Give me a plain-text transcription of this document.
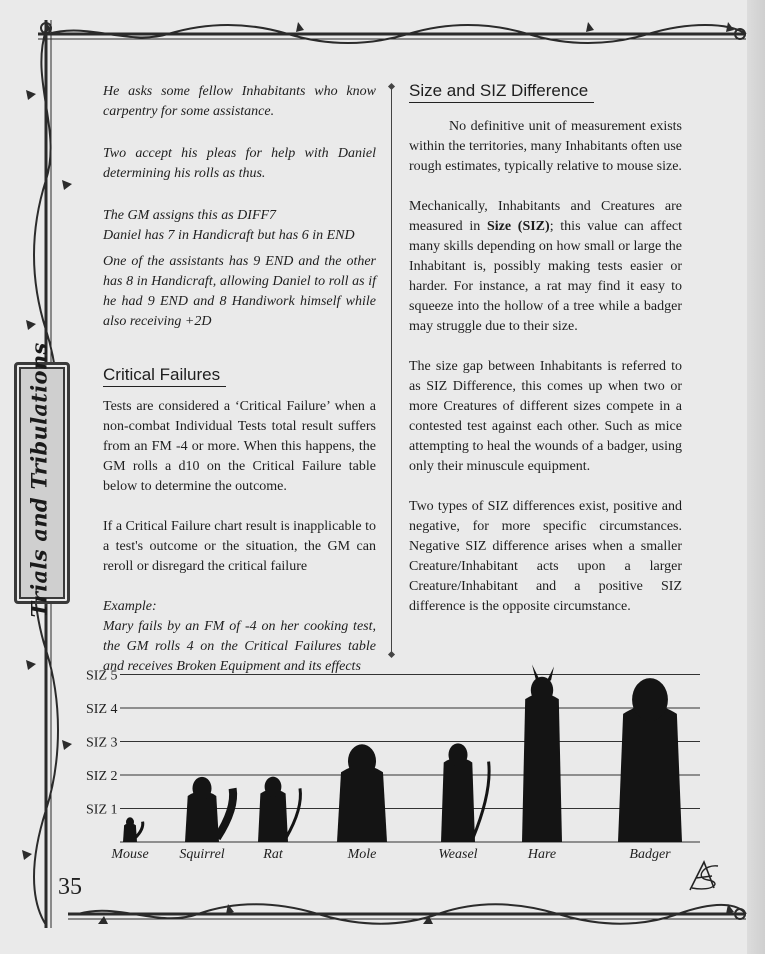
Trials and Tribulations

He asks some fellow Inhabitants who know carpentry for some assistance.

Two accept his pleas for help with Daniel determining his rolls as thus.

The GM assigns this as DIFF7

Daniel has 7 in Handicraft but has 6 in END

One of the assistants has 9 END and the other has 8 in Handicraft, allowing Daniel to roll as if he had 9 END and 8 Handiwork himself while also receiving +2D

Critical Failures

Tests are considered a ‘Critical Failure’ when a non-combat Individual Tests total result suffers from an FM -4 or more. When this happens, the GM rolls a d10 on the Critical Failure table below to determine the outcome.

If a Critical Failure chart result is inapplicable to a test's outcome or the situation, the GM can reroll or disregard the critical failure

Example:

Mary fails by an FM of -4 on her cooking test, the GM rolls 4 on the Critical Failures table and receives Broken Equipment and its effects

Size and SIZ Difference

No definitive unit of measurement exists within the territories, many Inhabitants often use rough estimates, typically relative to mouse size.

Mechanically, Inhabitants and Creatures are measured in Size (SIZ); this value can affect many skills depending on how small or large the Inhabitant is, possibly making tests easier or harder. For instance, a rat may find it easy to squeeze into the hollow of a tree while a badger may struggle due to their size.

The size gap between Inhabitants is referred to as SIZ Difference, this comes up when two or more Creatures of different sizes compete in a contested test against each other. Such as mice attempting to heal the wounds of a badger, using only their minuscule equipment.

Two types of SIZ differences exist, positive and negative, for more specific circumstances. Negative SIZ difference arises when a smaller Creature/Inhabitant acts upon a larger Creature/Inhabitant and a positive SIZ difference is the opposite circumstance.

SIZ 1
SIZ 2
SIZ 3
SIZ 4
SIZ 5
Mouse Squirrel	Rat	Mole	Weasel	Hare	Badger
35
